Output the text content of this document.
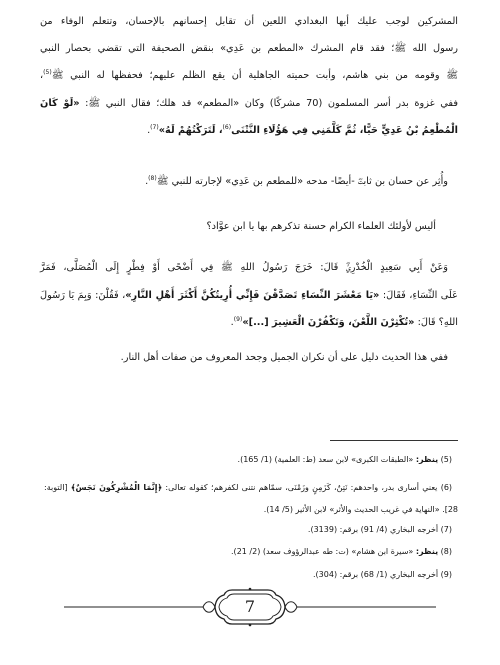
المشركين لوجب عليك أيها البغدادي اللعين أن تقابل إحسانهم بالإحسان، وتتعلم الوفاء من
رسول الله ﷺ؛ فقد قام المشرك «المطعم بن عَدِي» بنقض الصحيفة التي تقضي بحصار النبي
ﷺ وقومه من بني هاشم، وأبت حميته الجاهلية أن يقع الظلم عليهم؛ فحفظها له النبي ﷺ$^{(5)}$،
ففي غزوة بدر أسر المسلمون (70 مشركًا) وكان «المطعم» قد هلك؛ فقال النبي ﷺ: «لَوْ كَانَ
الْمُطْعِمُ بْنُ عَدِيٍّ حَيًّا، ثُمَّ كَلَّمَنِي فِي هَؤُلَاءِ النَّتْنَى$^{(6)}$، لَتَرَكْتُهُمْ لَهُ»$^{(7)}$.
وأُثِر عن حسان بن ثابتؓ -أيضًا- مدحه «للمطعم بن عَدِي» لإجارته للنبي ﷺ$^{(8)}$.
أليس لأولئك العلماء الكرام حسنة تذكرهم بها يا ابن عوَّاد؟
وَعَنْ أَبِي سَعِيدٍ الْخُدْرِيِّؓ قَالَ: خَرَجَ رَسُولُ اللهِ ﷺ فِي أَضْحًى أَوْ فِطْرٍ إِلَى الْمُصَلَّى، فَمَرَّ
عَلَى النِّسَاءِ، فَقَالَ: «يَا مَعْشَرَ النِّسَاءِ تَصَدَّقْنَ فَإِنِّي أُرِيتُكُنَّ أَكْثَرَ أَهْلِ النَّارِ»، فَقُلْنَ: وَبِمَ يَا رَسُولَ
اللهِ؟ قَالَ: «تُكْثِرْنَ اللَّعْنَ، وَتَكْفُرْنَ الْعَشِيرَ [...]»$^{(9)}$.
ففي هذا الحديث دليل على أن نكران الجميل وجحد المعروف من صفات أهل النار.
(5) ينظر: «الطبقات الكبرى» لابن سعد (ط: العلمية) (1/ 165).
(6) يعني أسارى بدر، واحدهم: نَتِنٌ، كَزَمِنٍ وزَمْنَى، سمّاهم نتنى لكفرهم؛ كقوله تعالى: ﴿إِنَّمَا الْمُشْرِكُونَ نَجَسٌ﴾ [التوبة:
28]. «النهاية في غريب الحديث والأثر» لابن الأثير (5/ 14).
(7) أخرجه البخاري (4/ 91) برقم: (3139).
(8) ينظر: «سيرة ابن هشام» (ت: طه عبدالرؤوف سعد) (2/ 21).
(9) أخرجه البخاري (1/ 68) برقم: (304).
7
